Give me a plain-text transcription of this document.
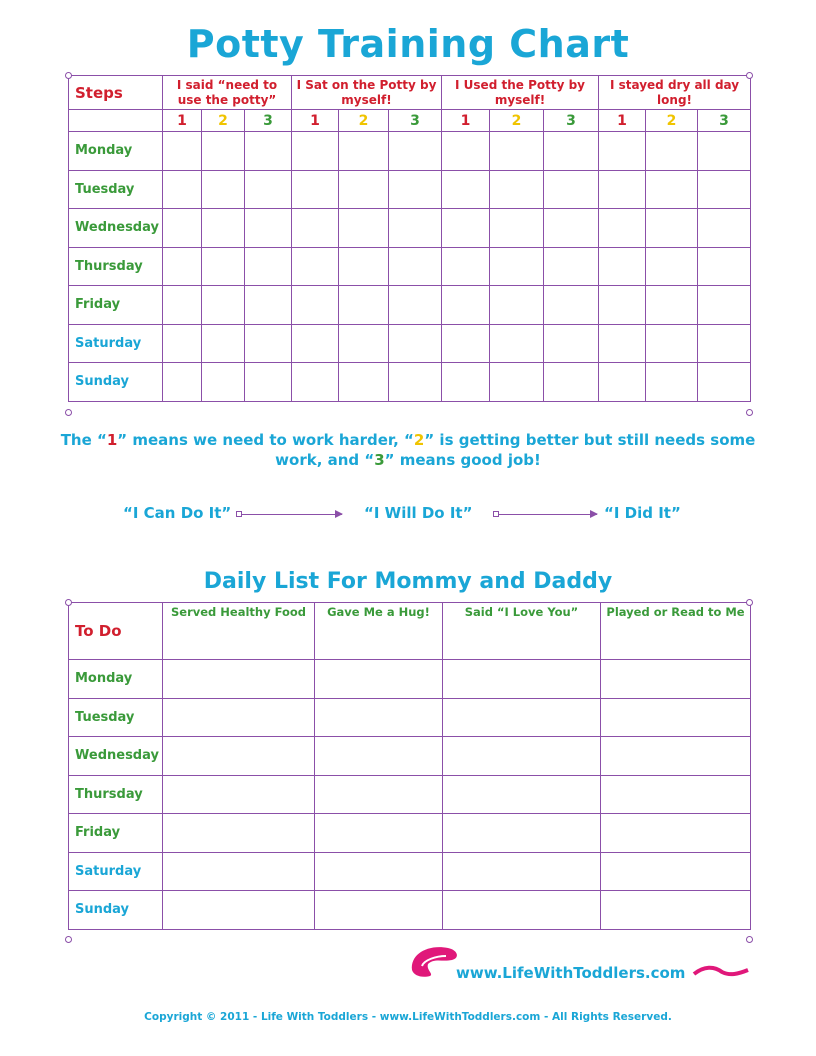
Potty Training Chart
Steps	I said “need to use the potty”			I Sat on the Potty by myself!			I Used the Potty by myself!			I stayed dry all day long!		
	1	2	3	1	2	3	1	2	3	1	2	3
Monday												
Tuesday												
Wednesday												
Thursday												
Friday												
Saturday												
Sunday												
The “1” means we need to work harder, “2” is getting better but still needs some work, and “3” means good job!
“I Can Do It”	“I Will Do It”	“I Did It”
Daily List For Mommy and Daddy
To Do	Served Healthy Food	Gave Me a Hug!	Said “I Love You”	Played or Read to Me
Monday				
Tuesday				
Wednesday				
Thursday				
Friday				
Saturday				
Sunday				
www.LifeWithToddlers.com
Copyright © 2011 - Life With Toddlers - www.LifeWithToddlers.com - All Rights Reserved.
